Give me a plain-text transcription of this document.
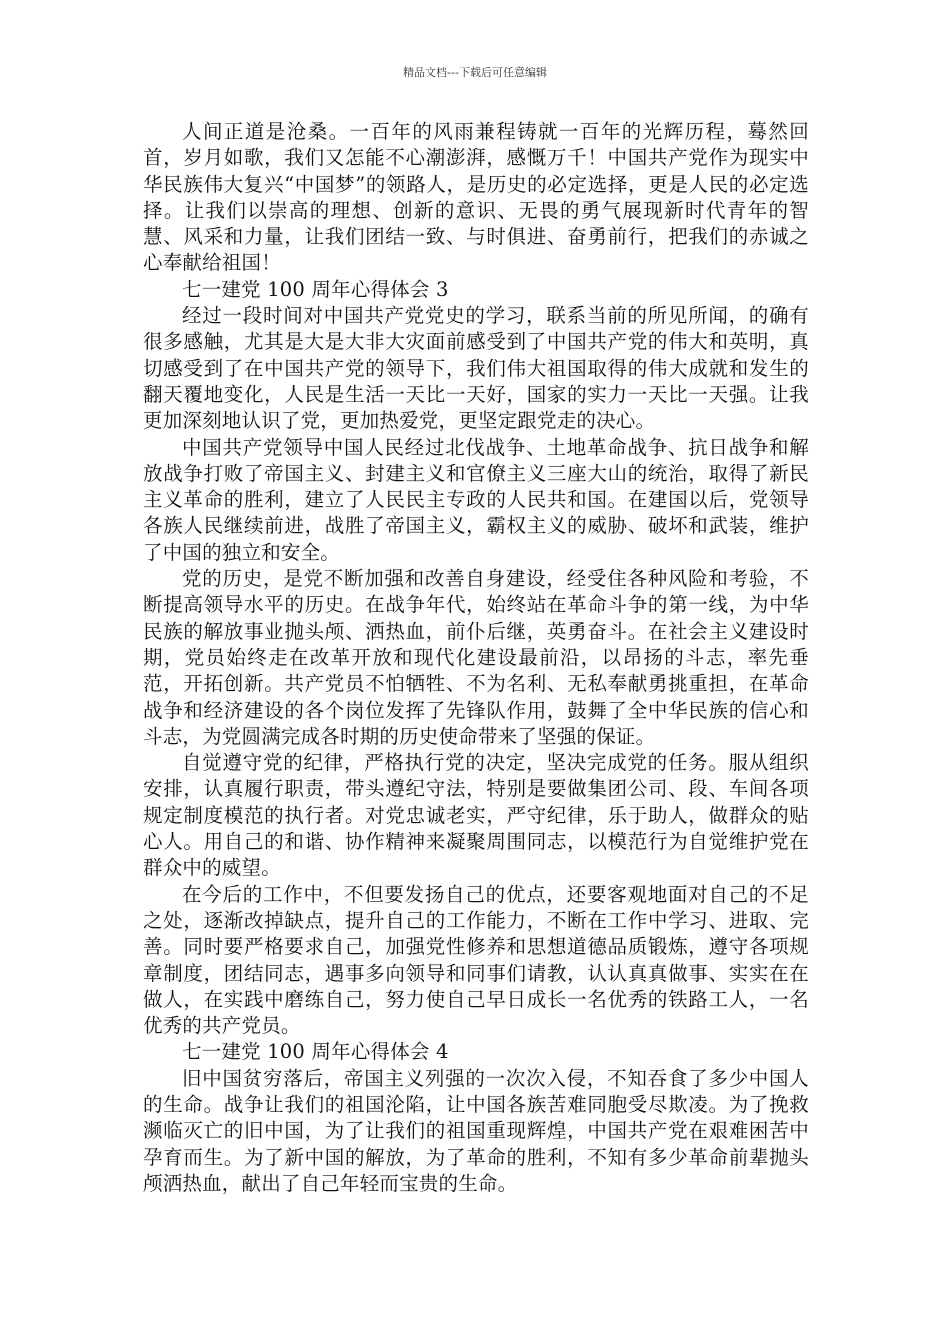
精品文档---下载后可任意编辑

人间正道是沧桑。一百年的风雨兼程铸就一百年的光辉历程，蓦然回首，岁月如歌，我们又怎能不心潮澎湃，感慨万千！中国共产党作为现实中华民族伟大复兴“中国梦”的领路人，是历史的必定选择，更是人民的必定选择。让我们以崇高的理想、创新的意识、无畏的勇气展现新时代青年的智慧、风采和力量，让我们团结一致、与时俱进、奋勇前行，把我们的赤诚之心奉献给祖国！

七一建党 100 周年心得体会 3

经过一段时间对中国共产党党史的学习，联系当前的所见所闻，的确有很多感触，尤其是大是大非大灾面前感受到了中国共产党的伟大和英明，真切感受到了在中国共产党的领导下，我们伟大祖国取得的伟大成就和发生的翻天覆地变化，人民是生活一天比一天好，国家的实力一天比一天强。让我更加深刻地认识了党，更加热爱党，更坚定跟党走的决心。

中国共产党领导中国人民经过北伐战争、土地革命战争、抗日战争和解放战争打败了帝国主义、封建主义和官僚主义三座大山的统治，取得了新民主义革命的胜利，建立了人民民主专政的人民共和国。在建国以后，党领导各族人民继续前进，战胜了帝国主义，霸权主义的威胁、破坏和武装，维护了中国的独立和安全。

党的历史，是党不断加强和改善自身建设，经受住各种风险和考验，不断提高领导水平的历史。在战争年代，始终站在革命斗争的第一线，为中华民族的解放事业抛头颅、洒热血，前仆后继，英勇奋斗。在社会主义建设时期，党员始终走在改革开放和现代化建设最前沿，以昂扬的斗志，率先垂范，开拓创新。共产党员不怕牺牲、不为名利、无私奉献勇挑重担，在革命战争和经济建设的各个岗位发挥了先锋队作用，鼓舞了全中华民族的信心和斗志，为党圆满完成各时期的历史使命带来了坚强的保证。

自觉遵守党的纪律，严格执行党的决定，坚决完成党的任务。服从组织安排，认真履行职责，带头遵纪守法，特别是要做集团公司、段、车间各项规定制度模范的执行者。对党忠诚老实，严守纪律，乐于助人，做群众的贴心人。用自己的和谐、协作精神来凝聚周围同志，以模范行为自觉维护党在群众中的威望。

在今后的工作中，不但要发扬自己的优点，还要客观地面对自己的不足之处，逐渐改掉缺点，提升自己的工作能力，不断在工作中学习、进取、完善。同时要严格要求自己，加强党性修养和思想道德品质锻炼，遵守各项规章制度，团结同志，遇事多向领导和同事们请教，认认真真做事、实实在在做人，在实践中磨练自己，努力使自己早日成长一名优秀的铁路工人，一名优秀的共产党员。

七一建党 100 周年心得体会 4

旧中国贫穷落后，帝国主义列强的一次次入侵，不知吞食了多少中国人的生命。战争让我们的祖国沦陷，让中国各族苦难同胞受尽欺凌。为了挽救濒临灭亡的旧中国，为了让我们的祖国重现辉煌，中国共产党在艰难困苦中孕育而生。为了新中国的解放，为了革命的胜利，不知有多少革命前辈抛头颅洒热血，献出了自己年轻而宝贵的生命。
